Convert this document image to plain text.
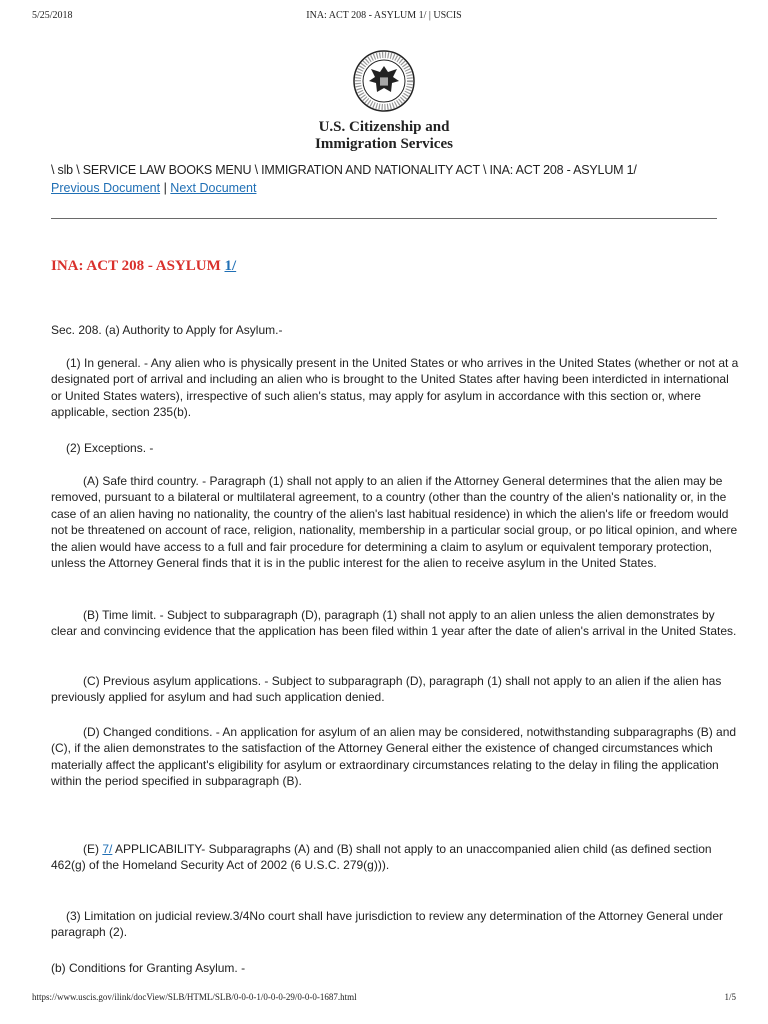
5/25/2018	INA: ACT 208 - ASYLUM 1/ | USCIS
U.S. Citizenship and
Immigration Services
\ slb \ SERVICE LAW BOOKS MENU \ IMMIGRATION AND NATIONALITY ACT \ INA: ACT 208 - ASYLUM 1/
Previous Document | Next Document
INA: ACT 208 - ASYLUM 1/

Sec. 208. (a) Authority to Apply for Asylum.-

(1) In general. - Any alien who is physically present in the United States or who arrives in the United States (whether or not at a designated port of arrival and including an alien who is brought to the United States after having been interdicted in international or United States waters), irrespective of such alien's status, may apply for asylum in accordance with this section or, where applicable, section 235(b).

(2) Exceptions. -

(A) Safe third country. - Paragraph (1) shall not apply to an alien if the Attorney General determines that the alien may be removed, pursuant to a bilateral or multilateral agreement, to a country (other than the country of the alien's nationality or, in the case of an alien having no nationality, the country of the alien's last habitual residence) in which the alien's life or freedom would not be threatened on account of race, religion, nationality, membership in a particular social group, or po litical opinion, and where the alien would have access to a full and fair procedure for determining a claim to asylum or equivalent temporary protection, unless the Attorney General finds that it is in the public interest for the alien to receive asylum in the United States.

(B) Time limit. - Subject to subparagraph (D), paragraph (1) shall not apply to an alien unless the alien demonstrates by clear and convincing evidence that the application has been filed within 1 year after the date of alien's arrival in the United States.

(C) Previous asylum applications. - Subject to subparagraph (D), paragraph (1) shall not apply to an alien if the alien has previously applied for asylum and had such application denied.

(D) Changed conditions. - An application for asylum of an alien may be considered, notwithstanding subparagraphs (B) and (C), if the alien demonstrates to the satisfaction of the Attorney General either the existence of changed circumstances which materially affect the applicant's eligibility for asylum or extraordinary circumstances relating to the delay in filing the application within the period specified in subparagraph (B).

(E) 7/ APPLICABILITY- Subparagraphs (A) and (B) shall not apply to an unaccompanied alien child (as defined section 462(g) of the Homeland Security Act of 2002 (6 U.S.C. 279(g))).

(3) Limitation on judicial review.3/4No court shall have jurisdiction to review any determination of the Attorney General under paragraph (2).

(b) Conditions for Granting Asylum. -

https://www.uscis.gov/ilink/docView/SLB/HTML/SLB/0-0-0-1/0-0-0-29/0-0-0-1687.html	1/5
